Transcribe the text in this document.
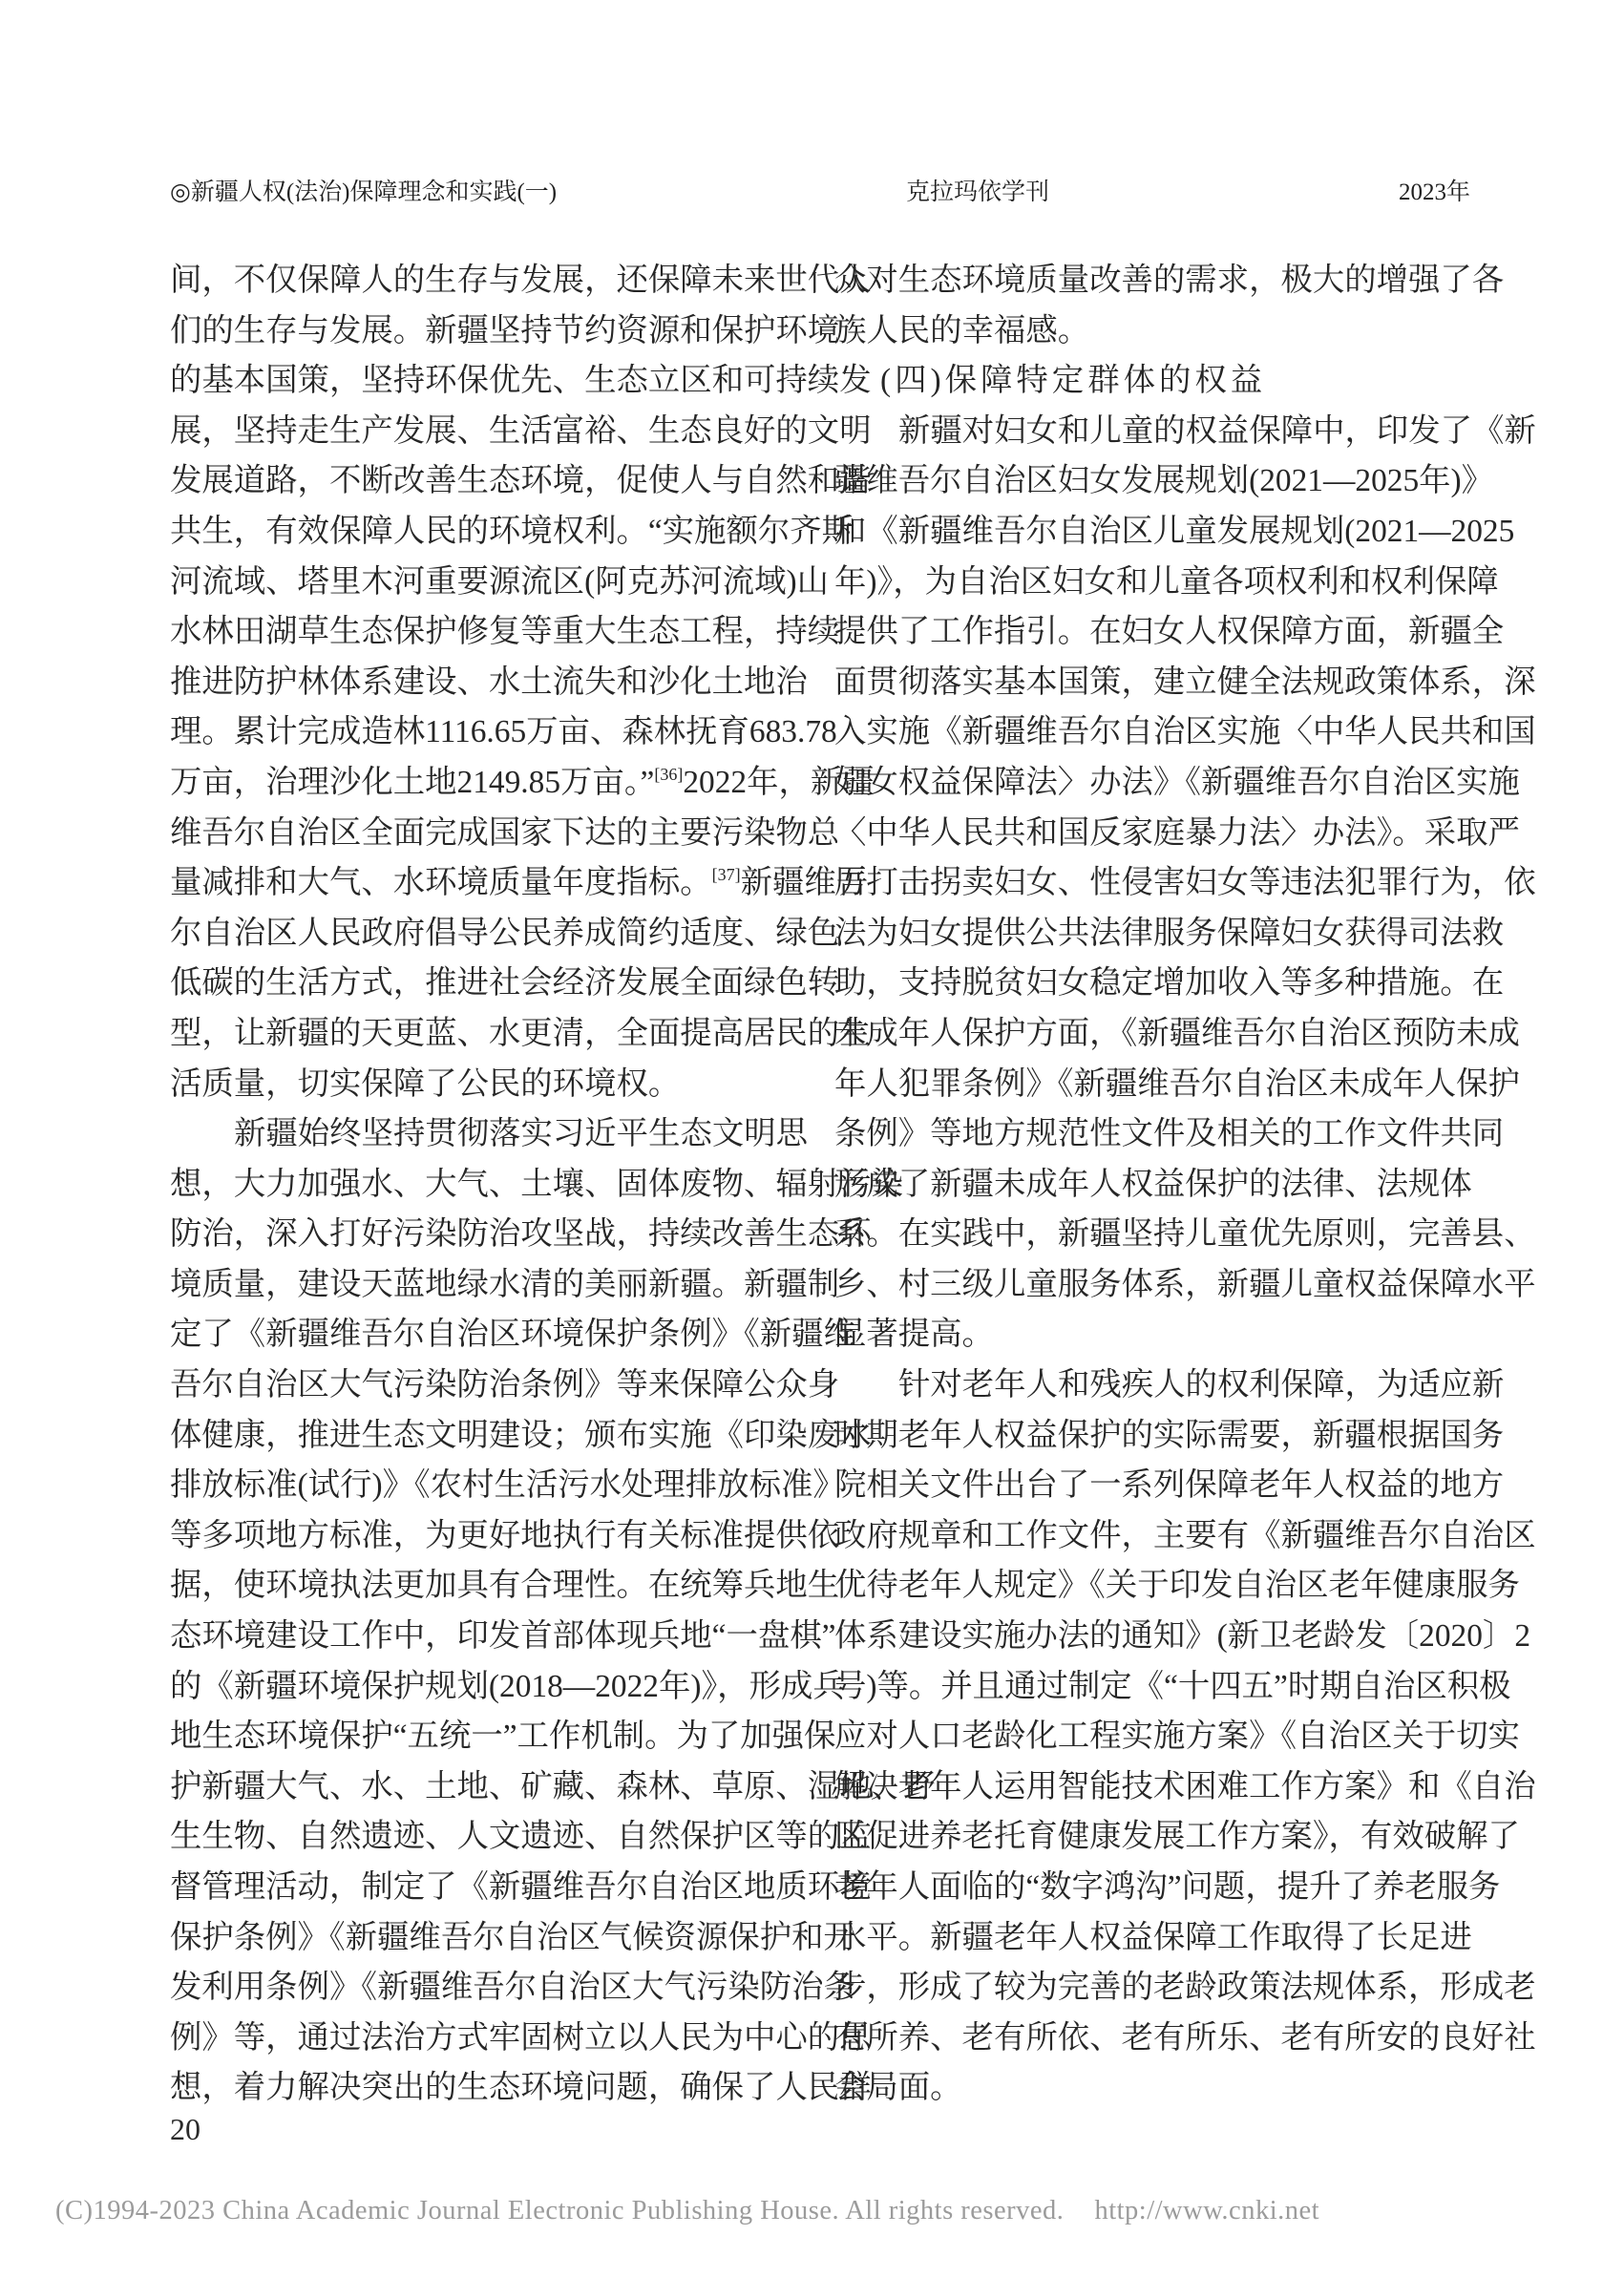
◎新疆人权(法治)保障理念和实践(一)	克拉玛依学刊	2023年
间，不仅保障人的生存与发展，还保障未来世代人
们的生存与发展。新疆坚持节约资源和保护环境
的基本国策，坚持环保优先、生态立区和可持续发
展，坚持走生产发展、生活富裕、生态良好的文明
发展道路，不断改善生态环境，促使人与自然和谐
共生，有效保障人民的环境权利。“实施额尔齐斯
河流域、塔里木河重要源流区(阿克苏河流域)山
水林田湖草生态保护修复等重大生态工程，持续
推进防护林体系建设、水土流失和沙化土地治
理。累计完成造林1116.65万亩、森林抚育683.78
万亩，治理沙化土地2149.85万亩。”[36]2022年，新疆
维吾尔自治区全面完成国家下达的主要污染物总
量减排和大气、水环境质量年度指标。[37]新疆维吾
尔自治区人民政府倡导公民养成简约适度、绿色
低碳的生活方式，推进社会经济发展全面绿色转
型，让新疆的天更蓝、水更清，全面提高居民的生
活质量，切实保障了公民的环境权。
新疆始终坚持贯彻落实习近平生态文明思
想，大力加强水、大气、土壤、固体废物、辐射污染
防治，深入打好污染防治攻坚战，持续改善生态环
境质量，建设天蓝地绿水清的美丽新疆。新疆制
定了《新疆维吾尔自治区环境保护条例》《新疆维
吾尔自治区大气污染防治条例》等来保障公众身
体健康，推进生态文明建设；颁布实施《印染废水
排放标准(试行)》《农村生活污水处理排放标准》
等多项地方标准，为更好地执行有关标准提供依
据，使环境执法更加具有合理性。在统筹兵地生
态环境建设工作中，印发首部体现兵地“一盘棋”
的《新疆环境保护规划(2018—2022年)》，形成兵
地生态环境保护“五统一”工作机制。为了加强保
护新疆大气、水、土地、矿藏、森林、草原、湿地、野
生生物、自然遗迹、人文遗迹、自然保护区等的监
督管理活动，制定了《新疆维吾尔自治区地质环境
保护条例》《新疆维吾尔自治区气候资源保护和开
发利用条例》《新疆维吾尔自治区大气污染防治条
例》等，通过法治方式牢固树立以人民为中心的思
想，着力解决突出的生态环境问题，确保了人民群
众对生态环境质量改善的需求，极大的增强了各
族人民的幸福感。
(四)保障特定群体的权益
新疆对妇女和儿童的权益保障中，印发了《新
疆维吾尔自治区妇女发展规划(2021—2025年)》
和《新疆维吾尔自治区儿童发展规划(2021—2025
年)》，为自治区妇女和儿童各项权利和权利保障
提供了工作指引。在妇女人权保障方面，新疆全
面贯彻落实基本国策，建立健全法规政策体系，深
入实施《新疆维吾尔自治区实施〈中华人民共和国
妇女权益保障法〉办法》《新疆维吾尔自治区实施
〈中华人民共和国反家庭暴力法〉办法》。采取严
厉打击拐卖妇女、性侵害妇女等违法犯罪行为，依
法为妇女提供公共法律服务保障妇女获得司法救
助，支持脱贫妇女稳定增加收入等多种措施。在
未成年人保护方面，《新疆维吾尔自治区预防未成
年人犯罪条例》《新疆维吾尔自治区未成年人保护
条例》等地方规范性文件及相关的工作文件共同
形成了新疆未成年人权益保护的法律、法规体
系。在实践中，新疆坚持儿童优先原则，完善县、
乡、村三级儿童服务体系，新疆儿童权益保障水平
显著提高。
针对老年人和残疾人的权利保障，为适应新
时期老年人权益保护的实际需要，新疆根据国务
院相关文件出台了一系列保障老年人权益的地方
政府规章和工作文件，主要有《新疆维吾尔自治区
优待老年人规定》《关于印发自治区老年健康服务
体系建设实施办法的通知》(新卫老龄发〔2020〕2
号)等。并且通过制定《“十四五”时期自治区积极
应对人口老龄化工程实施方案》《自治区关于切实
解决老年人运用智能技术困难工作方案》和《自治
区促进养老托育健康发展工作方案》，有效破解了
老年人面临的“数字鸿沟”问题，提升了养老服务
水平。新疆老年人权益保障工作取得了长足进
步，形成了较为完善的老龄政策法规体系，形成老
有所养、老有所依、老有所乐、老有所安的良好社
会局面。
20
(C)1994-2023 China Academic Journal Electronic Publishing House. All rights reserved. http://www.cnki.net
